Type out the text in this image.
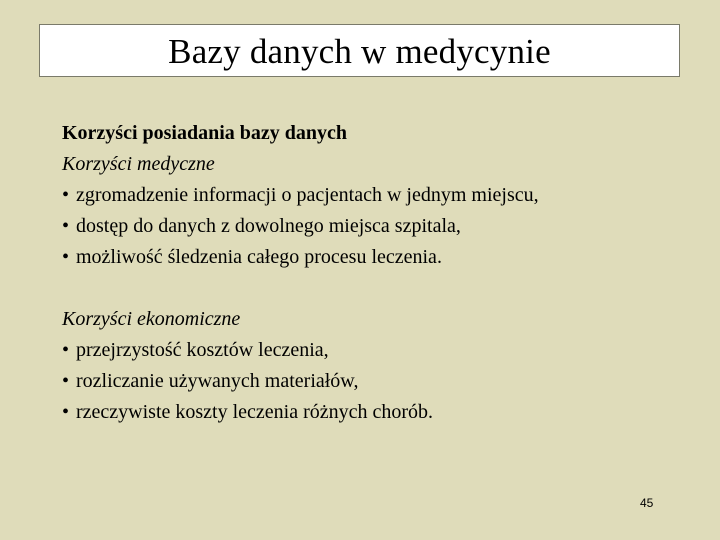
Bazy danych w medycynie
Korzyści posiadania bazy danych
Korzyści medyczne
• zgromadzenie informacji o pacjentach w jednym miejscu,
• dostęp do danych z dowolnego miejsca szpitala,
• możliwość śledzenia całego procesu leczenia.
Korzyści ekonomiczne
• przejrzystość kosztów leczenia,
• rozliczanie używanych materiałów,
• rzeczywiste koszty leczenia różnych chorób.
45
